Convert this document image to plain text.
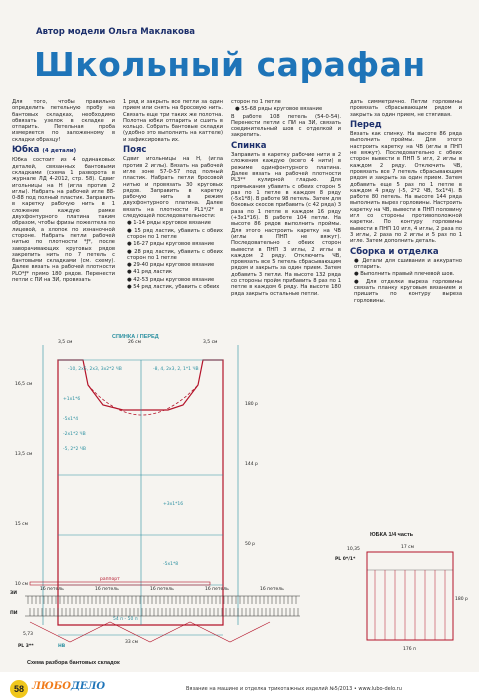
Автор модели Ольга Маклакова
Школьный сарафан

Для того, чтобы правильно определить петельную пробу на бантовых складках, необходимо обвязать узелок в складке и отпарить. Петельная проба измеряется по заложенному в складки образцу!

Юбка (4 детали)

Юбка состоит из 4 одинаковых деталей, связанных бантовыми складками (схема 1 разворота в журнале ЛД 4-2012, стр. 58). Сдвиг игольницы на Н (игла против 2 иглы). Набрать на рабочей игле 88-0-88 под полный пластик. Заправить в каретку рабочую нить в 1 сложение каждую рамке двухфонтурного платина таким образом, чтобы фризы пожелтела по лицевой, а хлопок по изнаночной стороне. Набрать петли рабочей нитью по плотности *ƒ*, после заворачивающих круговых рядов закрепить нить по 7 петель с бантовыми складками (см. схему). Далее вязать на рабочей плотности PLO*ƒ* прямо 180 рядов. Перенести петли с ПИ на ЗИ, провязать

1 ряд и закрыть все петли за один прием или снять на бросовую нить. Связать еще три таких же полотна. Полотна юбки отпарить и сшить в кольцо. Собрать бантовые складки (удобно это выполнить на каттеле) и зафиксировать их.

Пояс

Сдвиг игольницы на H, (игла против 2 иглы). Вязать на рабочей игле зоне 57-0-57 под полный пластик. Набрать петли бросовой нитью и провязать 30 круговых рядов. Заправить в каретку рабочую нить в режим двухфонтурного платина. Далее вязать на плотности PL1*/2* в следующей последовательности:

● 1-14 ряды круговое вязание

● 15 ряд ластик, убавить с обеих сторон по 1 петле

● 16-27 ряды круговое вязание

● 28 ряд ластик, убавить с обеих сторон по 1 петле

● 29-40 ряды круговое вязание

● 41 ряд ластик

● 42-53 ряды круговое вязание

● 54 ряд ластик, убавить с обеих

сторон по 1 петле

● 55-68 ряды круговое вязание

В работе 108 петель (54-0-54). Перенести петли с ПИ на ЗИ, связать соединительный шов с отделкой и закрепить.

Спинка

Заправить в каретку рабочие нити в 2 сложения каждую (всего 4 нити) в режиме одинфонтурного платина. Далее вязать на рабочей плотности PL3** кулирной гладью. Для примыкания убавить с обеих сторон 5 раз по 1 петле в каждом 8 ряду (-5x1*8). В работе 98 петель. Затем для боковых скосов прибавить (с 42 ряда) 3 раза по 1 петле в каждом 16 ряду (+3x1*16). В работе 104 петли. На высоте 86 рядов выполнить проймы. Для этого настроить каретку на ЧВ (иглы в ПНП не вяжут). Последовательно с обеих сторон вывести в ПНП 3 иглы, 2 иглы в каждом 2 ряду. Отключить ЧВ, провязать все 5 петель сбрасывающим рядом и закрыть за один прием. Затем добавить 3 петли. На высоте 132 ряда со стороны пройм прибавить 8 раз по 1 петле в каждом 6 ряду. На высоте 180 ряда закрыть остальные петли.

дать симметрично. Петли горловины провязать сбрасывающим рядом и закрыть за один прием, не стягивая.

Перед

Вязать как спинку. На высоте 86 ряда выполнить проймы. Для этого настроить каретку на ЧВ (иглы в ПНП не вяжут). Последовательно с обеих сторон вывести в ПНП 5 игл, 2 иглы в каждом 2 ряду. Отключить ЧВ, провязать все 7 петель сбрасывающим рядом и закрыть за один прием. Затем добавить еще 5 раз по 1 петле в каждом 4 ряду (-5, 2*2 ЧВ, 5x1*4). В работе 80 петель. На высоте 144 ряда выполнить вырез горловины. Настроить каретку на ЧВ, вывести в ПНП половину игл со стороны противоположной каретки. По контуру горловины вывести в ПНП 10 игл, 4 иглы, 2 раза по 3 иглы, 2 раза по 2 иглы и 5 раз по 1 игле. Затем дополнить деталь.

Сборка и отделка

● Детали для сшивания и аккуратно отпарить.

● Выполнить правый плечевой шов.

● Для отделки выреза горловины связать планку круговым вязанием и пришить по контуру выреза горловины.

СПИНКА / ПЕРЕД
-10, 2x5, 2x3, 3x2*2 ЧВ	-8, 4, 2x3, 2, 1*1 ЧВ
+1x1*6
-5x1*4
-2x1*2 ЧВ
-5, 2*2 ЧВ
54 п - 50 п
33 см
+3x1*16
-5x1*8
3,5 см	26 см	3,5 см
16,5 см
13,5 см
15 см
10 см
180 р
144 р
50 р
5,73
PL 3**	НВ
ЮБКА 1/4 часть
17 см
176 п
10,35
PL 0*/1*
180 р
раппорт
ЗИ
ПИ
16 петель	16 петель	16 петель	16 петель	16 петель
Схема разбора бантовых складок
58 ЛЮБОДЕЛО	Вязание на машине и отделка трикотажных изделий №5/2013 • www.lubo-delo.ru
